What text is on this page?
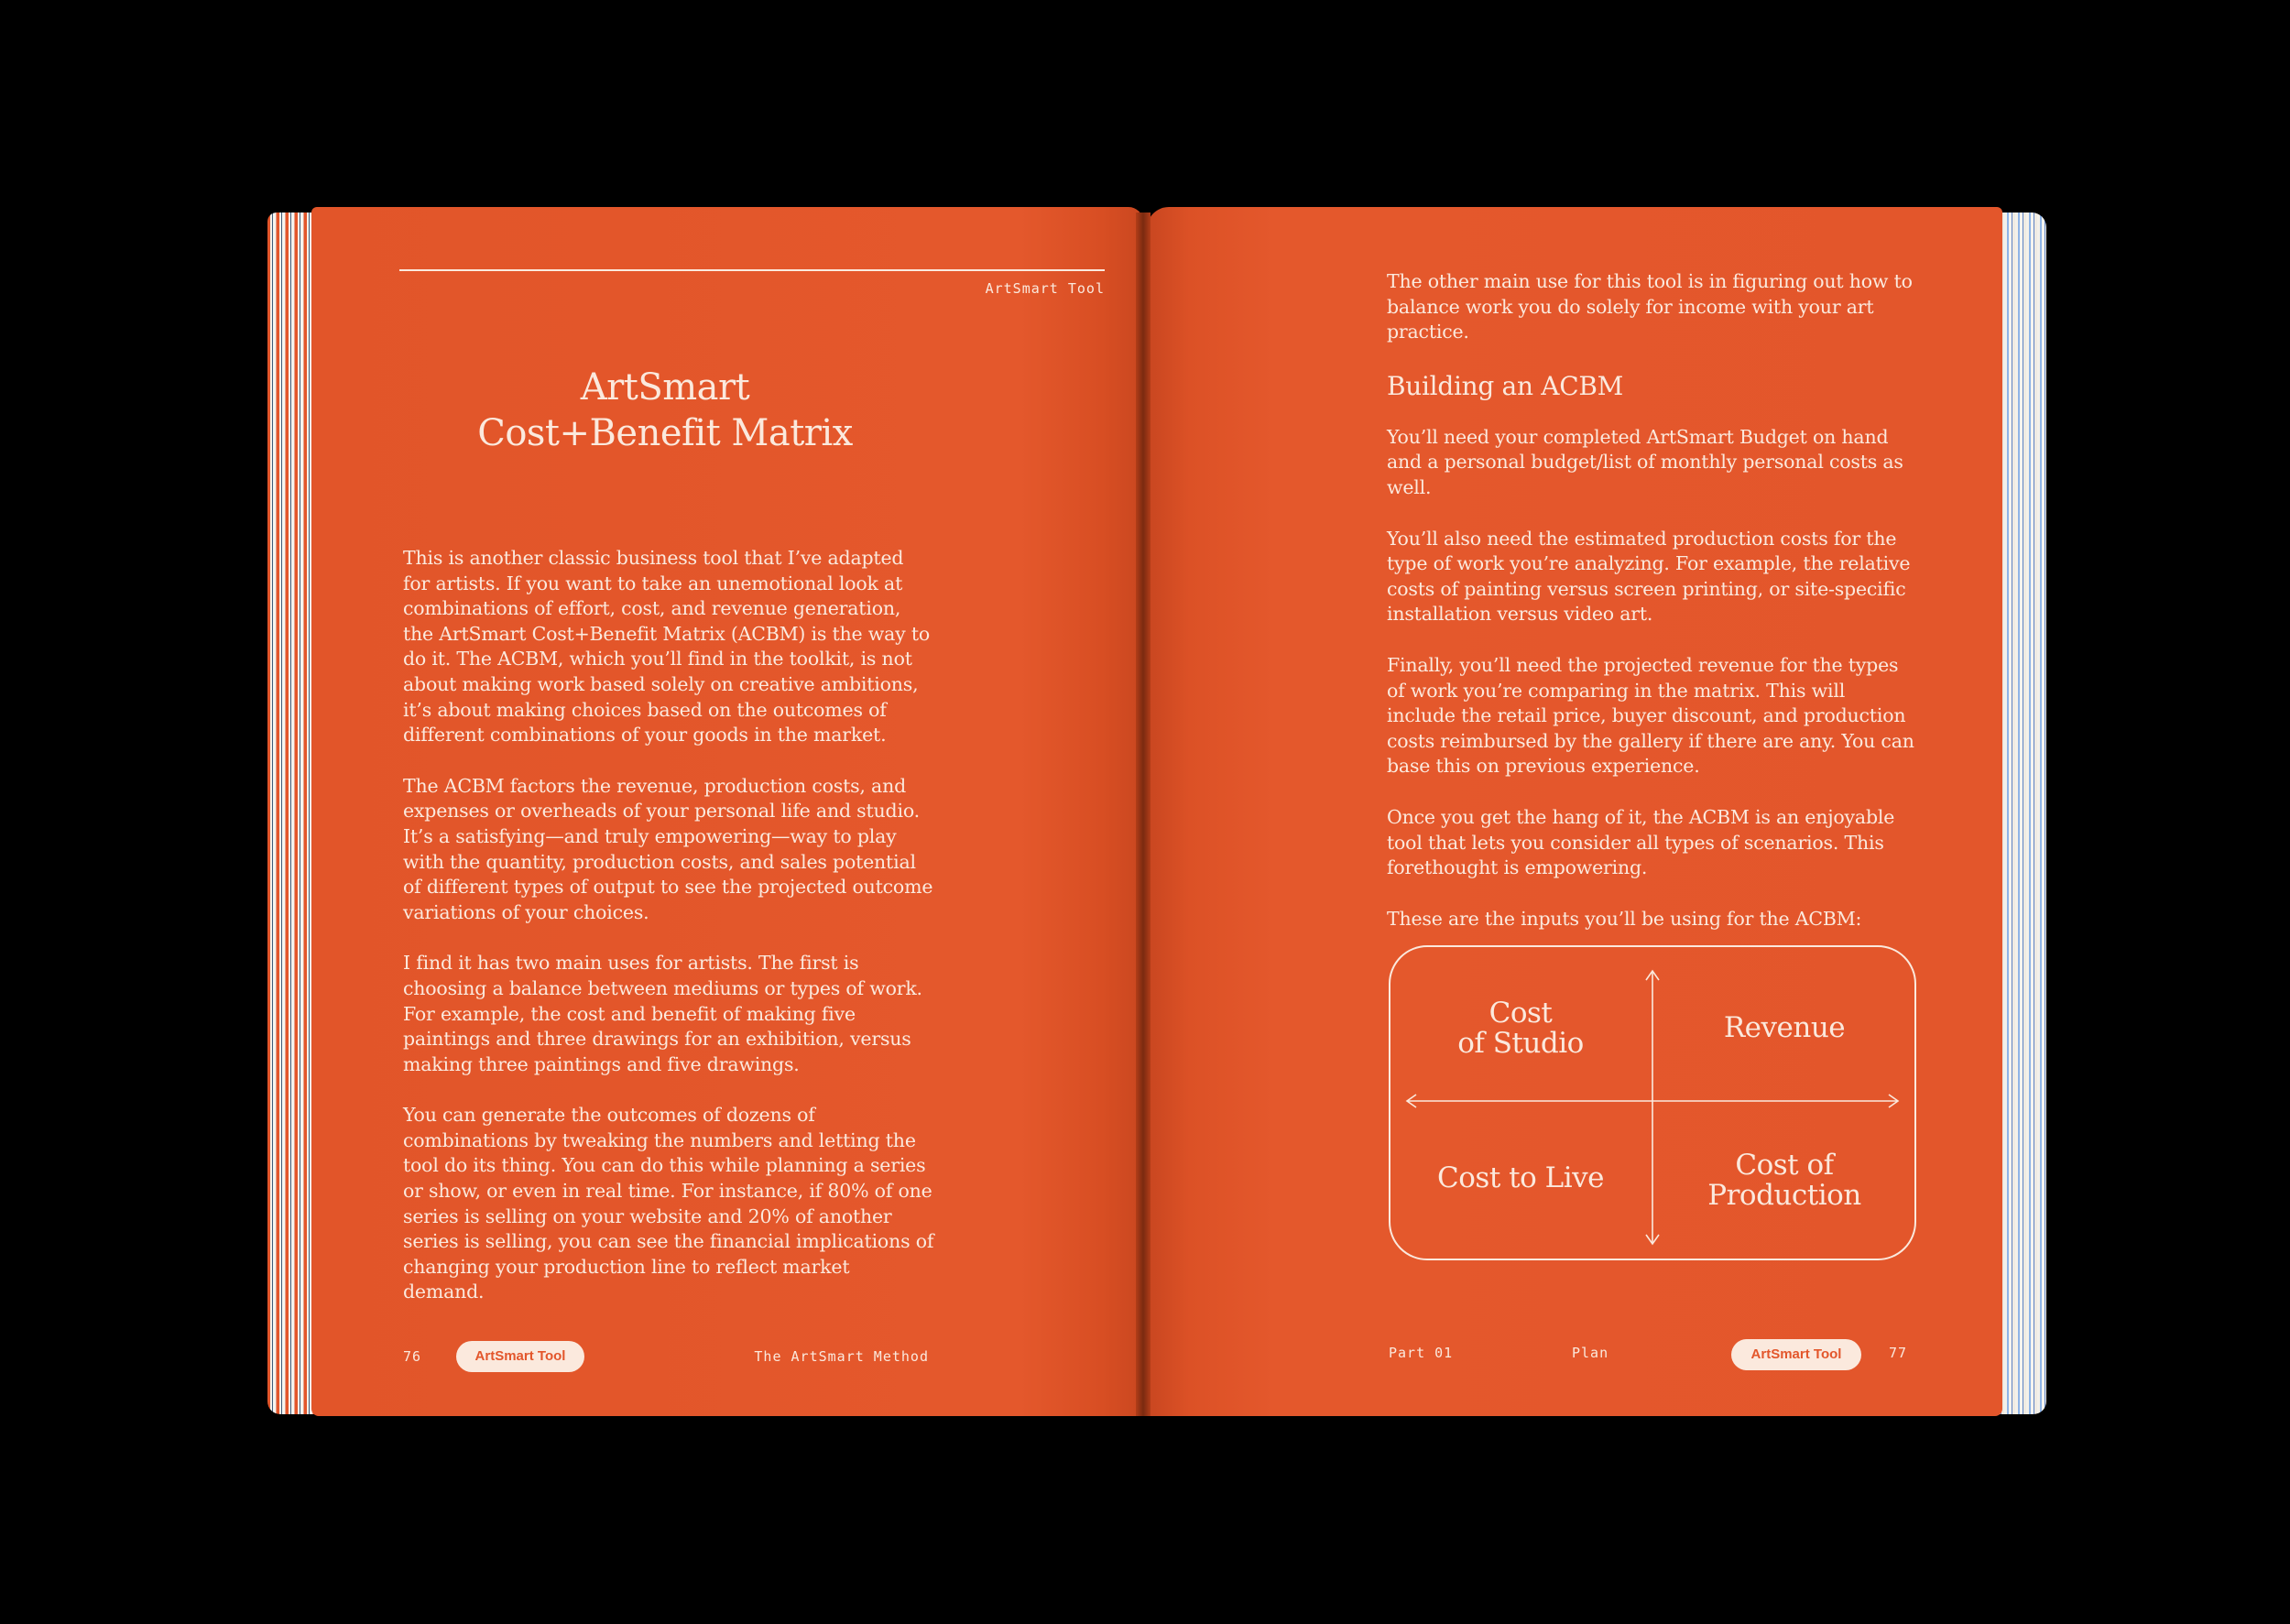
ArtSmart Tool
ArtSmart
Cost+Benefit Matrix

This is another classic business tool that I’ve adapted for artists. If you want to take an unemotional look at combinations of effort, cost, and revenue generation, the ArtSmart Cost+Benefit Matrix (ACBM) is the way to do it. The ACBM, which you’ll find in the toolkit, is not about making work based solely on creative ambitions, it’s about making choices based on the outcomes of different combinations of your goods in the market.

The ACBM factors the revenue, production costs, and expenses or overheads of your personal life and studio. It’s a satisfying—and truly empowering—way to play with the quantity, production costs, and sales potential of different types of output to see the projected outcome variations of your choices.

I find it has two main uses for artists. The first is choosing a balance between mediums or types of work. For example, the cost and benefit of making five paintings and three drawings for an exhibition, versus making three paintings and five drawings.

You can generate the outcomes of dozens of combinations by tweaking the numbers and letting the tool do its thing. You can do this while planning a series or show, or even in real time. For instance, if 80% of one series is selling on your website and 20% of another series is selling, you can see the financial implications of changing your production line to reflect market demand.

76	ArtSmart Tool	The ArtSmart Method

The other main use for this tool is in figuring out how to balance work you do solely for income with your art practice.

Building an ACBM

You’ll need your completed ArtSmart Budget on hand and a personal budget/list of monthly personal costs as well.

You’ll also need the estimated production costs for the type of work you’re analyzing. For example, the relative costs of painting versus screen printing, or site-specific installation versus video art.

Finally, you’ll need the projected revenue for the types of work you’re comparing in the matrix. This will include the retail price, buyer discount, and production costs reimbursed by the gallery if there are any. You can base this on previous experience.

Once you get the hang of it, the ACBM is an enjoyable tool that lets you consider all types of scenarios. This forethought is empowering.

These are the inputs you’ll be using for the ACBM:

Cost
of Studio	Revenue
Cost to Live	Cost of
Production
Part 01	Plan	ArtSmart Tool	77
